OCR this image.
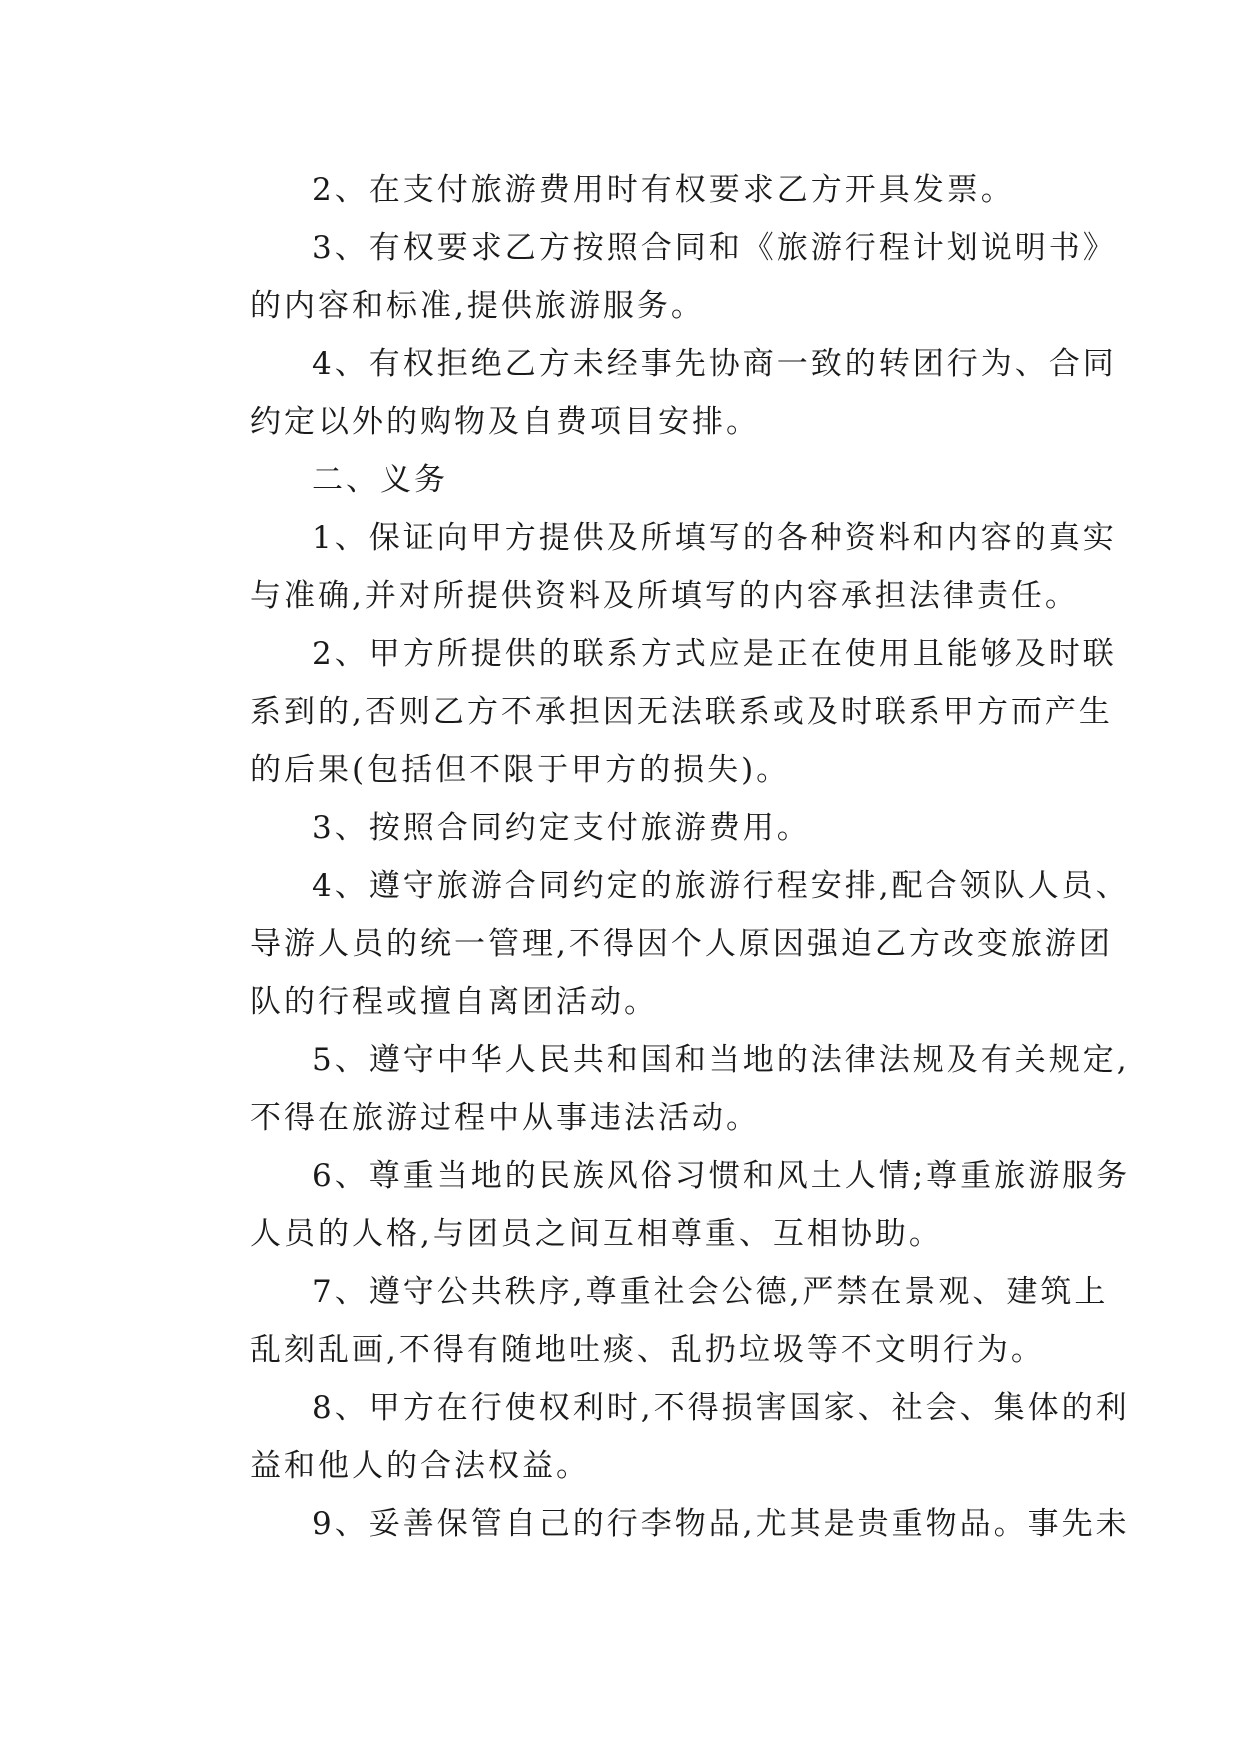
2、在支付旅游费用时有权要求乙方开具发票。
3、有权要求乙方按照合同和《旅游行程计划说明书》
的内容和标准,提供旅游服务。
4、有权拒绝乙方未经事先协商一致的转团行为、合同
约定以外的购物及自费项目安排。
二、义务
1、保证向甲方提供及所填写的各种资料和内容的真实
与准确,并对所提供资料及所填写的内容承担法律责任。
2、甲方所提供的联系方式应是正在使用且能够及时联
系到的,否则乙方不承担因无法联系或及时联系甲方而产生
的后果(包括但不限于甲方的损失)。
3、按照合同约定支付旅游费用。
4、遵守旅游合同约定的旅游行程安排,配合领队人员、
导游人员的统一管理,不得因个人原因强迫乙方改变旅游团
队的行程或擅自离团活动。
5、遵守中华人民共和国和当地的法律法规及有关规定,
不得在旅游过程中从事违法活动。
6、尊重当地的民族风俗习惯和风土人情;尊重旅游服务
人员的人格,与团员之间互相尊重、互相协助。
7、遵守公共秩序,尊重社会公德,严禁在景观、建筑上
乱刻乱画,不得有随地吐痰、乱扔垃圾等不文明行为。
8、甲方在行使权利时,不得损害国家、社会、集体的利
益和他人的合法权益。
9、妥善保管自己的行李物品,尤其是贵重物品。事先未
